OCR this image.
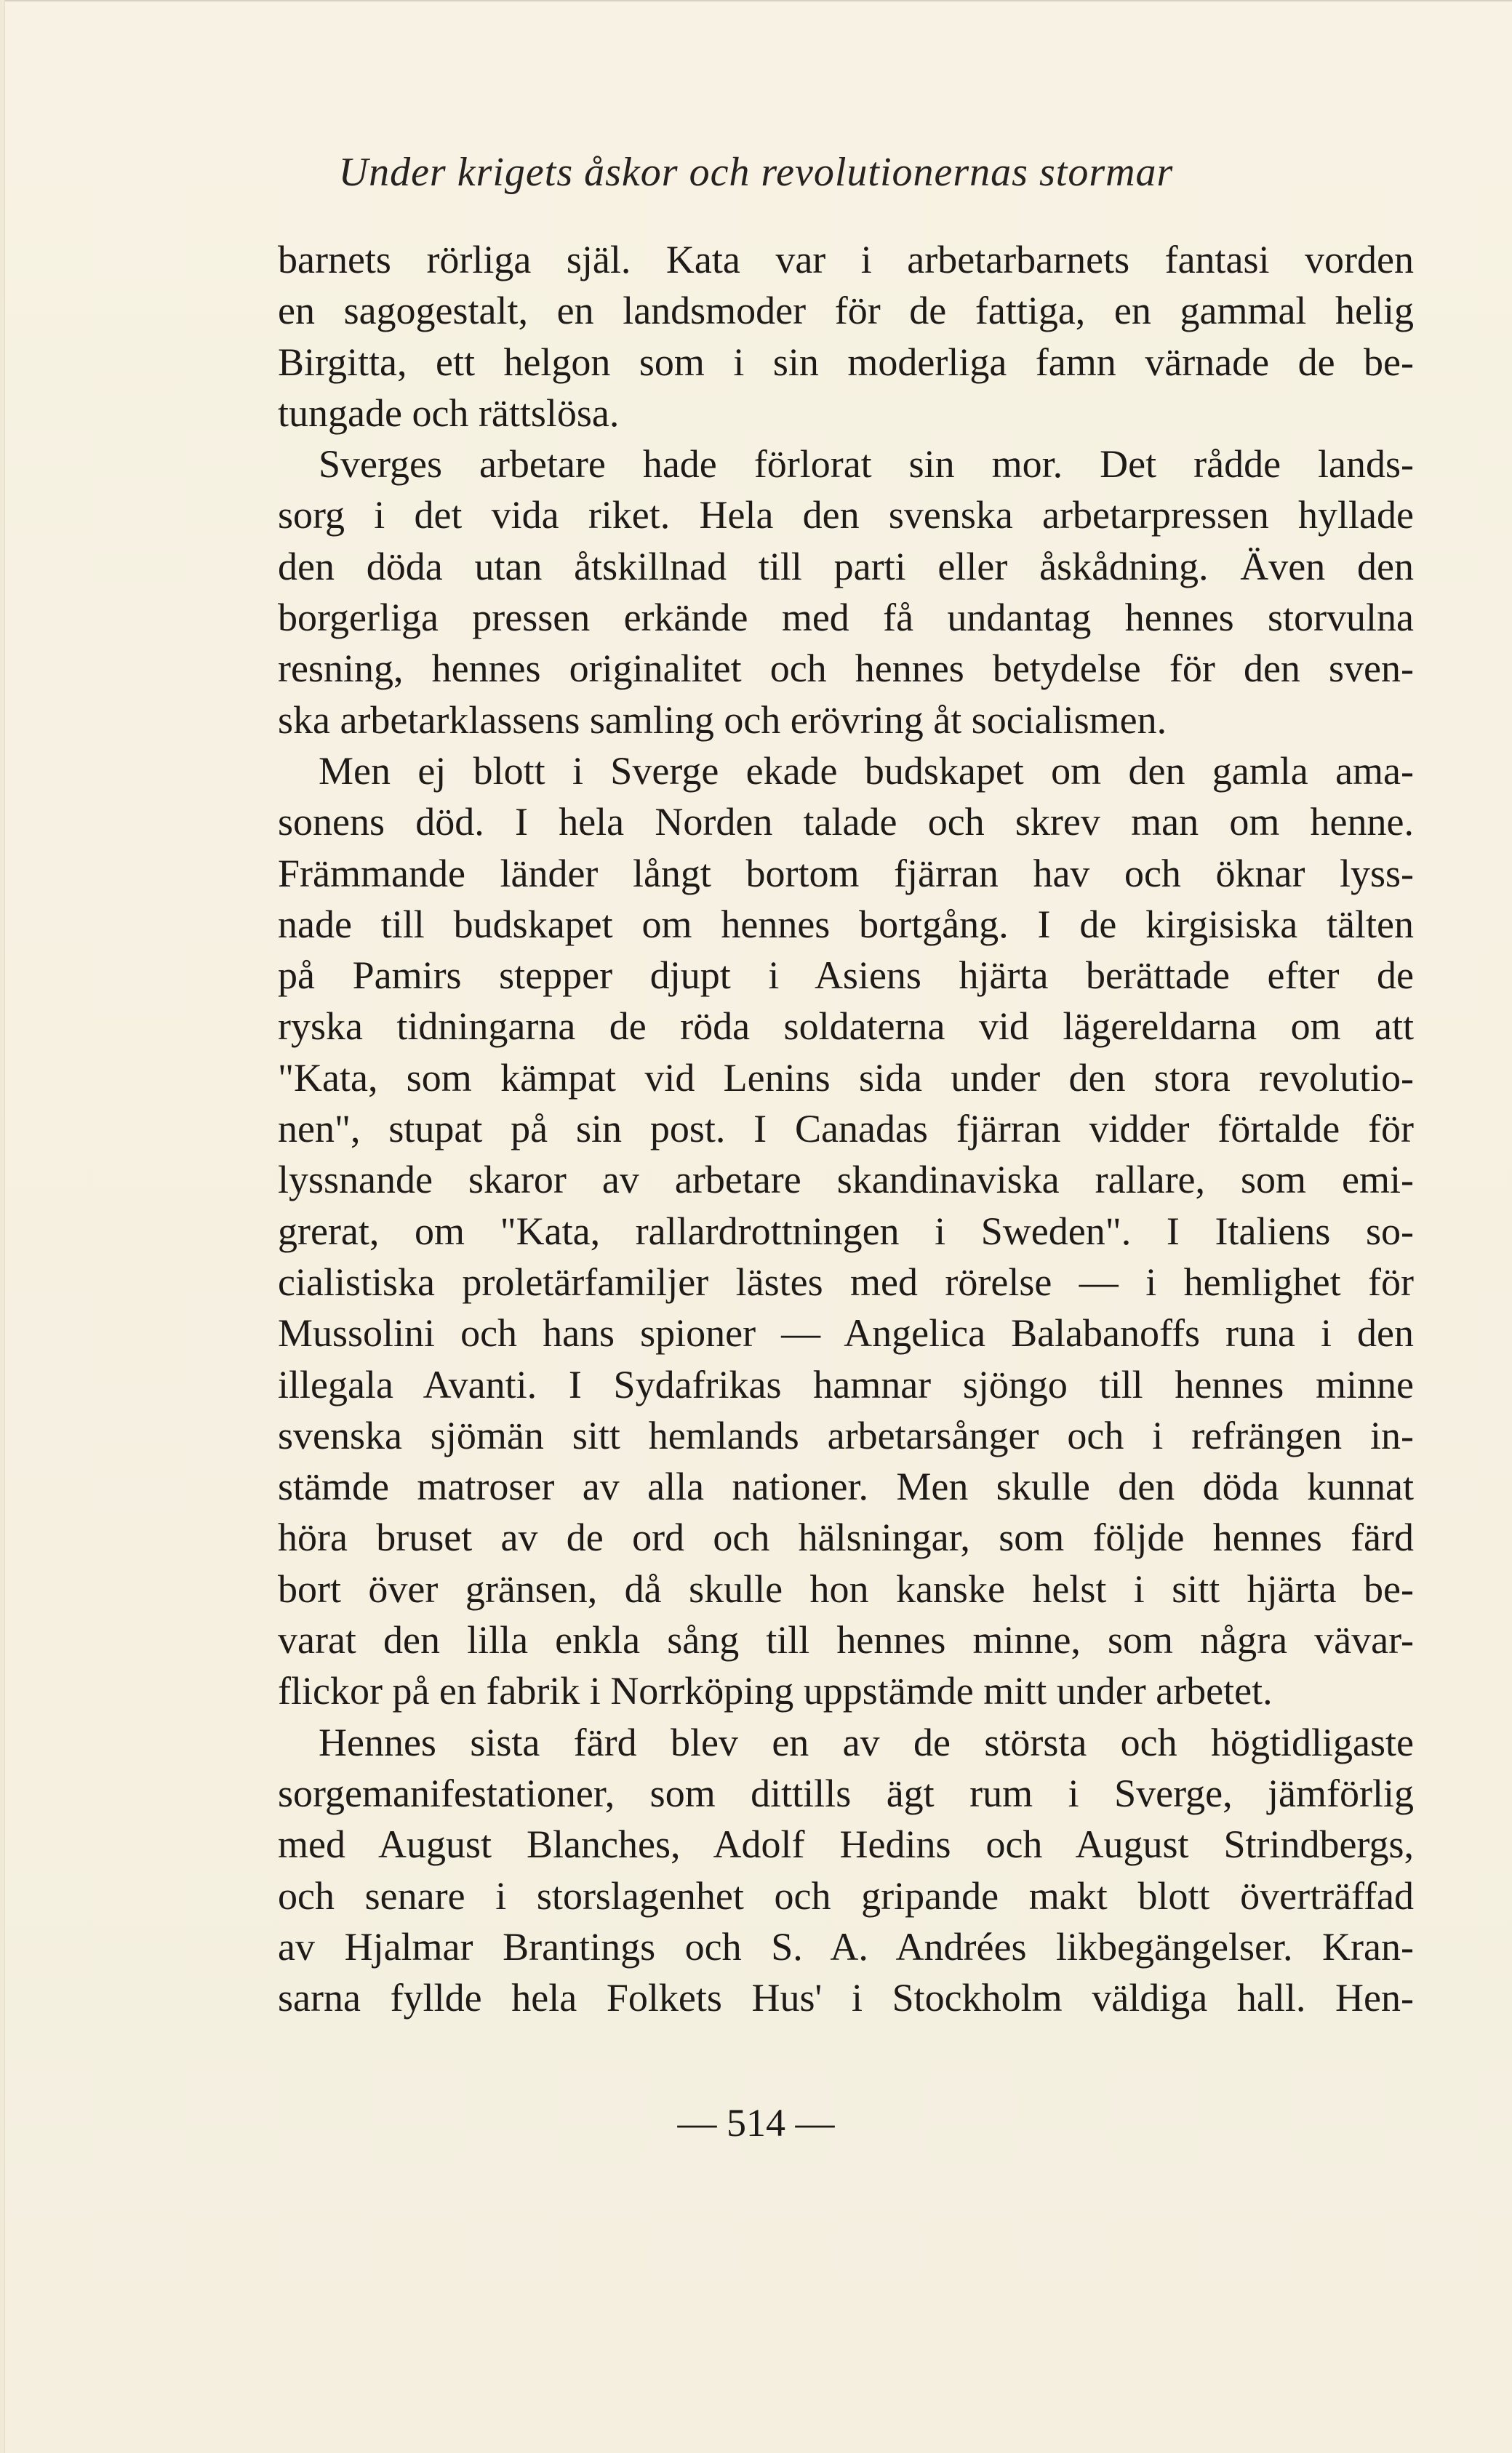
Under krigets åskor och revolutionernas stormar
barnets rörliga själ. Kata var i arbetarbarnets fantasi vorden
en sagogestalt, en landsmoder för de fattiga, en gammal helig
Birgitta, ett helgon som i sin moderliga famn värnade de be-
tungade och rättslösa.
Sverges arbetare hade förlorat sin mor. Det rådde lands-
sorg i det vida riket. Hela den svenska arbetarpressen hyllade
den döda utan åtskillnad till parti eller åskådning. Även den
borgerliga pressen erkände med få undantag hennes storvulna
resning, hennes originalitet och hennes betydelse för den sven-
ska arbetarklassens samling och erövring åt socialismen.
Men ej blott i Sverge ekade budskapet om den gamla ama-
sonens död. I hela Norden talade och skrev man om henne.
Främmande länder långt bortom fjärran hav och öknar lyss-
nade till budskapet om hennes bortgång. I de kirgisiska tälten
på Pamirs stepper djupt i Asiens hjärta berättade efter de
ryska tidningarna de röda soldaterna vid lägereldarna om att
"Kata, som kämpat vid Lenins sida under den stora revolutio-
nen", stupat på sin post. I Canadas fjärran vidder förtalde för
lyssnande skaror av arbetare skandinaviska rallare, som emi-
grerat, om "Kata, rallardrottningen i Sweden". I Italiens so-
cialistiska proletärfamiljer lästes med rörelse — i hemlighet för
Mussolini och hans spioner — Angelica Balabanoffs runa i den
illegala Avanti. I Sydafrikas hamnar sjöngo till hennes minne
svenska sjömän sitt hemlands arbetarsånger och i refrängen in-
stämde matroser av alla nationer. Men skulle den döda kunnat
höra bruset av de ord och hälsningar, som följde hennes färd
bort över gränsen, då skulle hon kanske helst i sitt hjärta be-
varat den lilla enkla sång till hennes minne, som några vävar-
flickor på en fabrik i Norrköping uppstämde mitt under arbetet.
Hennes sista färd blev en av de största och högtidligaste
sorgemanifestationer, som dittills ägt rum i Sverge, jämförlig
med August Blanches, Adolf Hedins och August Strindbergs,
och senare i storslagenhet och gripande makt blott överträffad
av Hjalmar Brantings och S. A. Andrées likbegängelser. Kran-
sarna fyllde hela Folkets Hus' i Stockholm väldiga hall. Hen-
— 514 —
